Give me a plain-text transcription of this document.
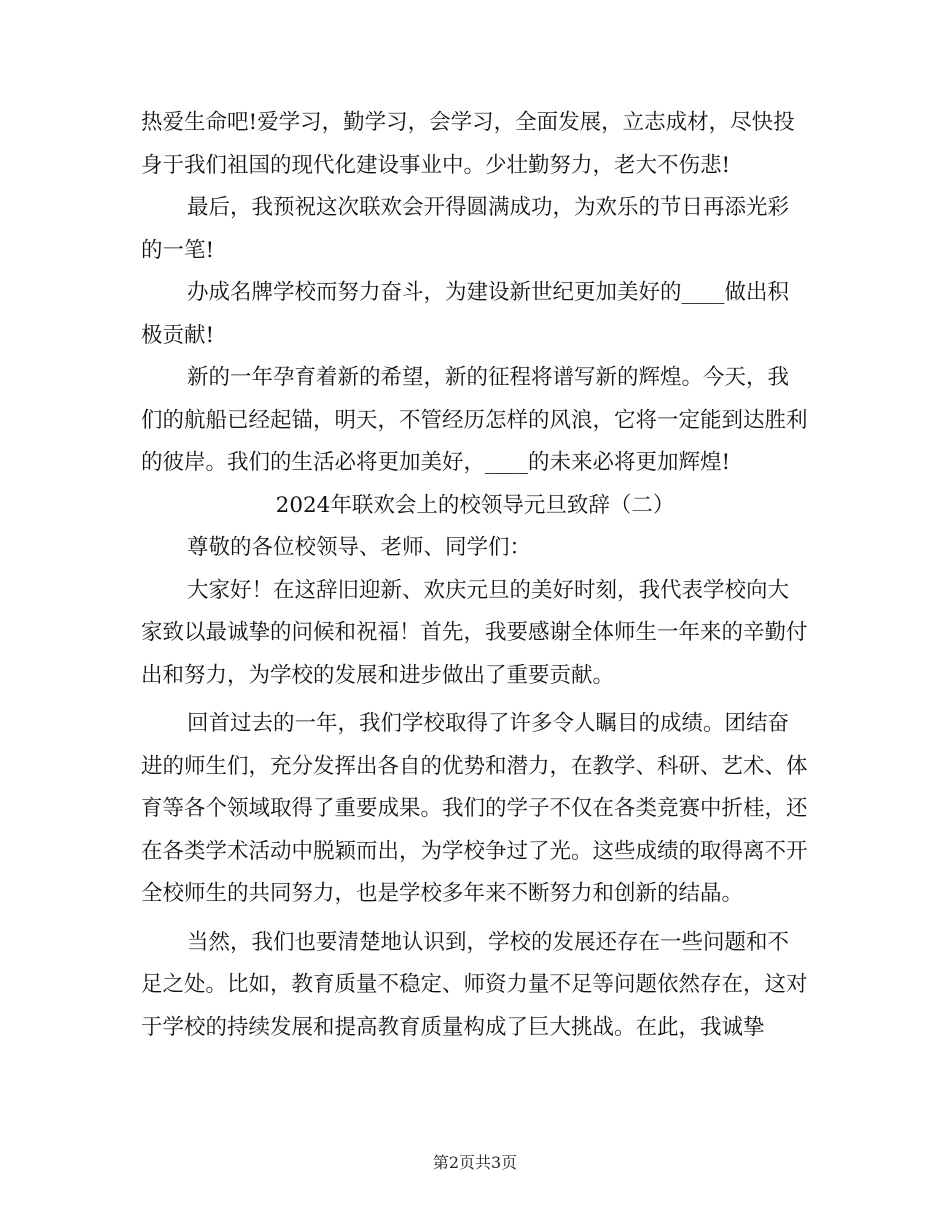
热爱生命吧!爱学习，勤学习，会学习，全面发展，立志成材，尽快投身于我们祖国的现代化建设事业中。少壮勤努力，老大不伤悲!

最后，我预祝这次联欢会开得圆满成功，为欢乐的节日再添光彩的一笔!

办成名牌学校而努力奋斗，为建设新世纪更加美好的____做出积极贡献!

新的一年孕育着新的希望，新的征程将谱写新的辉煌。今天，我们的航船已经起锚，明天，不管经历怎样的风浪，它将一定能到达胜利的彼岸。我们的生活必将更加美好，____的未来必将更加辉煌!

2024年联欢会上的校领导元旦致辞（二）

尊敬的各位校领导、老师、同学们：

大家好！在这辞旧迎新、欢庆元旦的美好时刻，我代表学校向大家致以最诚挚的问候和祝福！首先，我要感谢全体师生一年来的辛勤付出和努力，为学校的发展和进步做出了重要贡献。

回首过去的一年，我们学校取得了许多令人瞩目的成绩。团结奋进的师生们，充分发挥出各自的优势和潜力，在教学、科研、艺术、体育等各个领域取得了重要成果。我们的学子不仅在各类竞赛中折桂，还在各类学术活动中脱颖而出，为学校争过了光。这些成绩的取得离不开全校师生的共同努力，也是学校多年来不断努力和创新的结晶。

当然，我们也要清楚地认识到，学校的发展还存在一些问题和不足之处。比如，教育质量不稳定、师资力量不足等问题依然存在，这对于学校的持续发展和提高教育质量构成了巨大挑战。在此，我诚挚

第2页共3页
